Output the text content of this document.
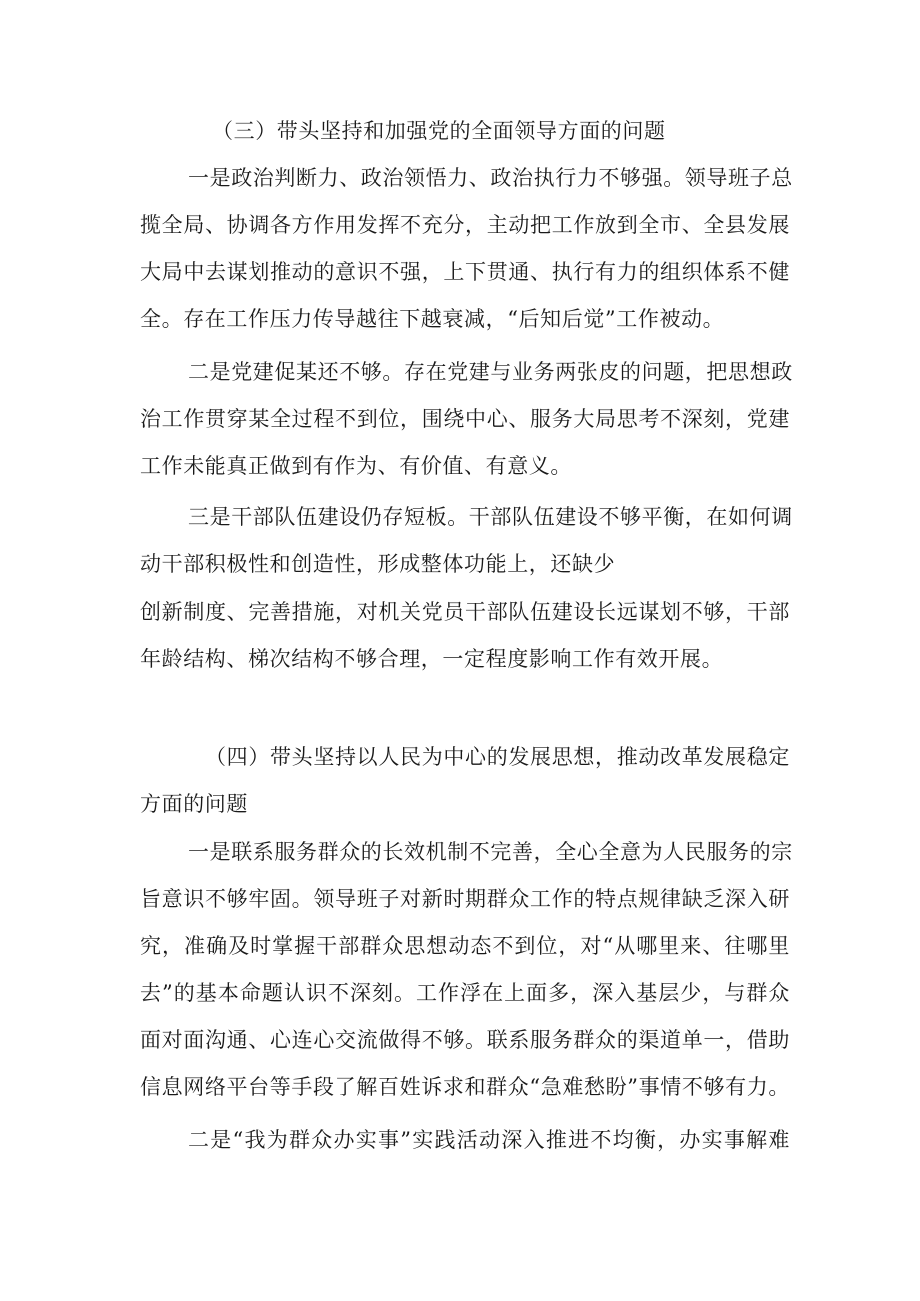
（三）带头坚持和加强党的全面领导方面的问题
一是政治判断力、政治领悟力、政治执行力不够强。领导班子总
揽全局、协调各方作用发挥不充分，主动把工作放到全市、全县发展
大局中去谋划推动的意识不强，上下贯通、执行有力的组织体系不健
全。存在工作压力传导越往下越衰减，“后知后觉”工作被动。
二是党建促某还不够。存在党建与业务两张皮的问题，把思想政
治工作贯穿某全过程不到位，围绕中心、服务大局思考不深刻，党建
工作未能真正做到有作为、有价值、有意义。
三是干部队伍建设仍存短板。干部队伍建设不够平衡，在如何调
动干部积极性和创造性，形成整体功能上，还缺少
创新制度、完善措施，对机关党员干部队伍建设长远谋划不够，干部
年龄结构、梯次结构不够合理，一定程度影响工作有效开展。
（四）带头坚持以人民为中心的发展思想，推动改革发展稳定
方面的问题
一是联系服务群众的长效机制不完善，全心全意为人民服务的宗
旨意识不够牢固。领导班子对新时期群众工作的特点规律缺乏深入研
究，准确及时掌握干部群众思想动态不到位，对“从哪里来、往哪里
去”的基本命题认识不深刻。工作浮在上面多，深入基层少，与群众
面对面沟通、心连心交流做得不够。联系服务群众的渠道单一，借助
信息网络平台等手段了解百姓诉求和群众“急难愁盼”事情不够有力。
二是“我为群众办实事”实践活动深入推进不均衡，办实事解难
